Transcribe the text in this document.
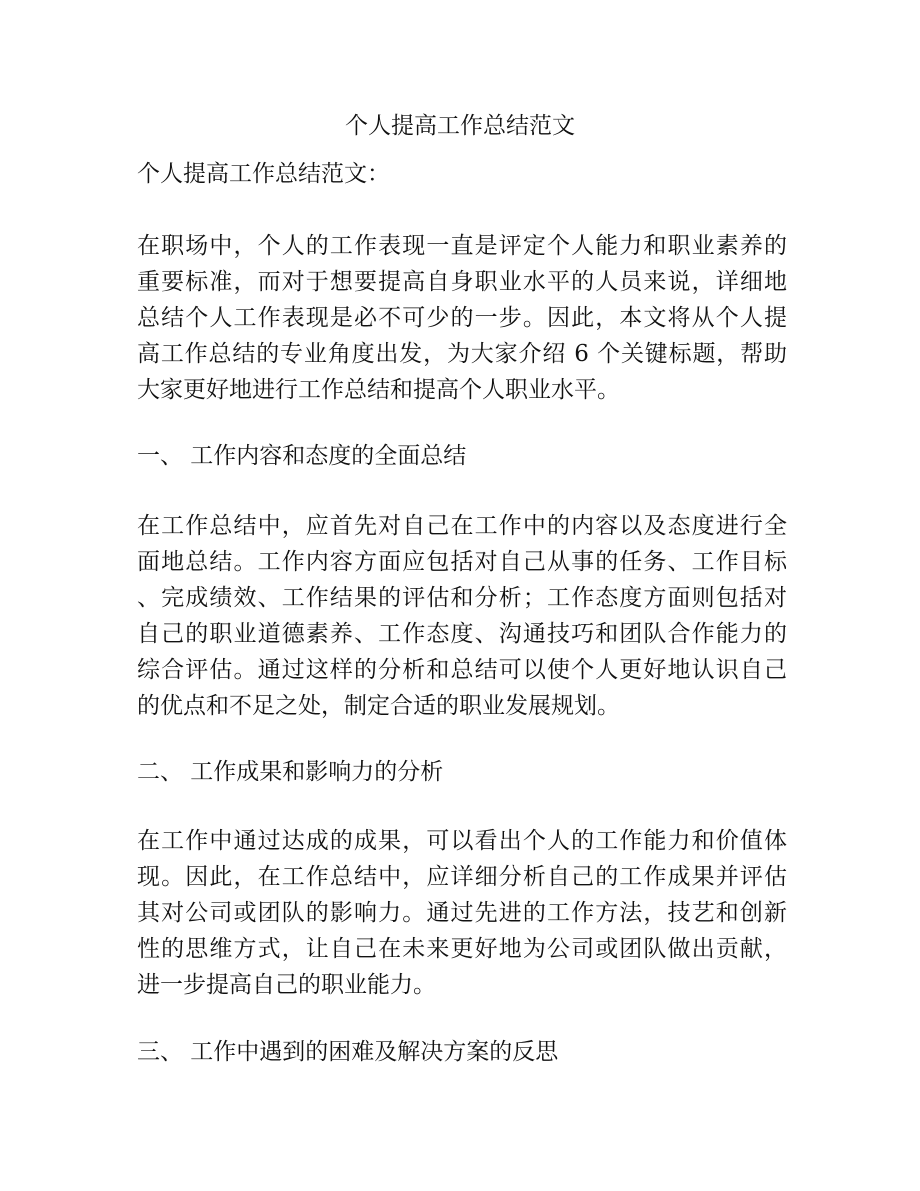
个人提高工作总结范文
个人提高工作总结范文：
在职场中，个人的工作表现一直是评定个人能力和职业素养的
重要标准，而对于想要提高自身职业水平的人员来说，详细地
总结个人工作表现是必不可少的一步。因此，本文将从个人提
高工作总结的专业角度出发，为大家介绍 6 个关键标题，帮助
大家更好地进行工作总结和提高个人职业水平。
一、 工作内容和态度的全面总结
在工作总结中，应首先对自己在工作中的内容以及态度进行全
面地总结。工作内容方面应包括对自己从事的任务、工作目标
、完成绩效、工作结果的评估和分析；工作态度方面则包括对
自己的职业道德素养、工作态度、沟通技巧和团队合作能力的
综合评估。通过这样的分析和总结可以使个人更好地认识自己
的优点和不足之处，制定合适的职业发展规划。
二、 工作成果和影响力的分析
在工作中通过达成的成果，可以看出个人的工作能力和价值体
现。因此，在工作总结中，应详细分析自己的工作成果并评估
其对公司或团队的影响力。通过先进的工作方法，技艺和创新
性的思维方式，让自己在未来更好地为公司或团队做出贡献，
进一步提高自己的职业能力。
三、 工作中遇到的困难及解决方案的反思
